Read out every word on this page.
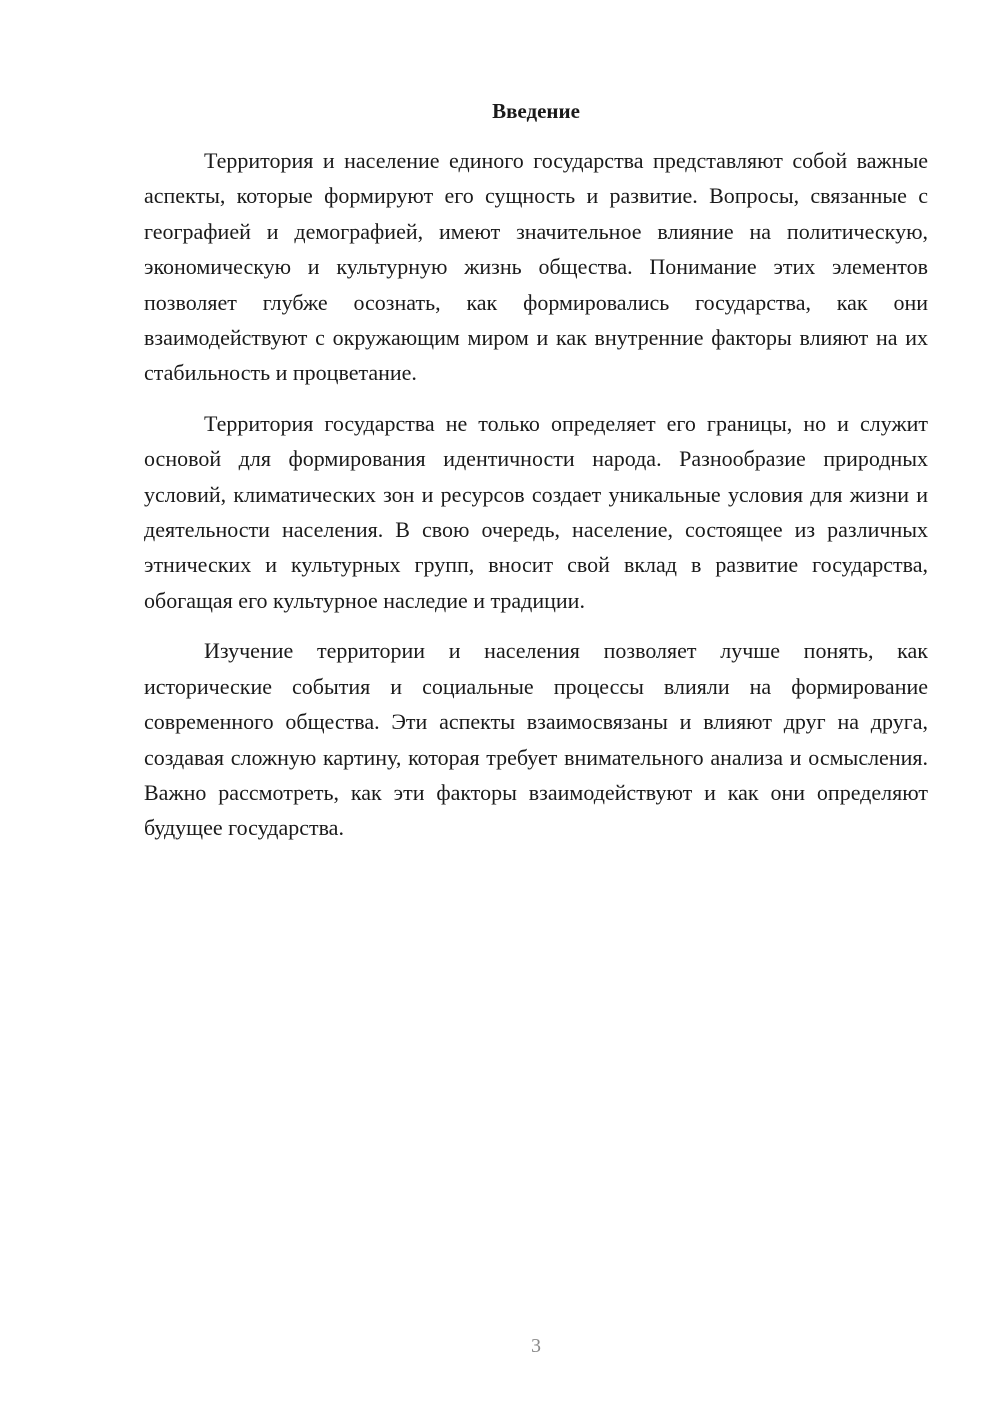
Введение

Территория и население единого государства представляют собой важные аспекты, которые формируют его сущность и развитие. Вопросы, связанные с географией и демографией, имеют значительное влияние на политическую, экономическую и культурную жизнь общества. Понимание этих элементов позволяет глубже осознать, как формировались государства, как они взаимодействуют с окружающим миром и как внутренние факторы влияют на их стабильность и процветание.

Территория государства не только определяет его границы, но и служит основой для формирования идентичности народа. Разнообразие природных условий, климатических зон и ресурсов создает уникальные условия для жизни и деятельности населения. В свою очередь, население, состоящее из различных этнических и культурных групп, вносит свой вклад в развитие государства, обогащая его культурное наследие и традиции.

Изучение территории и населения позволяет лучше понять, как исторические события и социальные процессы влияли на формирование современного общества. Эти аспекты взаимосвязаны и влияют друг на друга, создавая сложную картину, которая требует внимательного анализа и осмысления. Важно рассмотреть, как эти факторы взаимодействуют и как они определяют будущее государства.

3
